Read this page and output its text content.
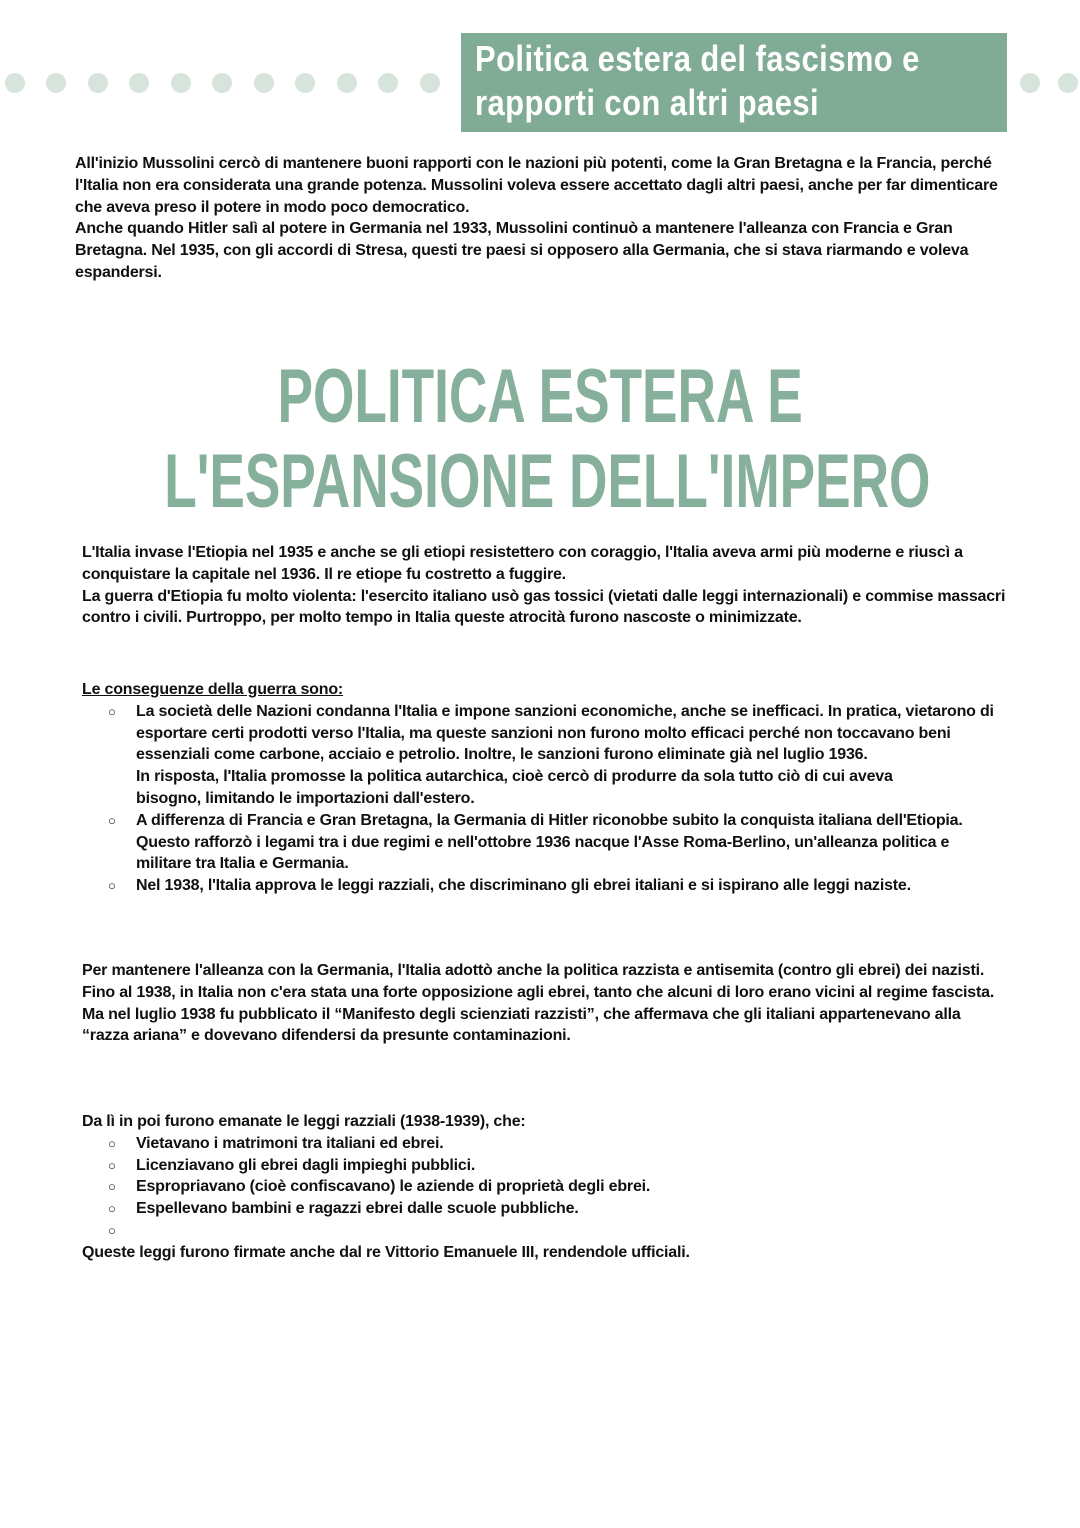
Politica estera del fascismo e
rapporti con altri paesi

All'inizio Mussolini cercò di mantenere buoni rapporti con le nazioni più potenti, come la Gran Bretagna e la Francia, perché l'Italia non era considerata una grande potenza. Mussolini voleva essere accettato dagli altri paesi, anche per far dimenticare che aveva preso il potere in modo poco democratico.

Anche quando Hitler salì al potere in Germania nel 1933, Mussolini continuò a mantenere l'alleanza con Francia e Gran Bretagna. Nel 1935, con gli accordi di Stresa, questi tre paesi si opposero alla Germania, che si stava riarmando e voleva espandersi.

POLITICA ESTERA E
L'ESPANSIONE DELL'IMPERO

L'Italia invase l'Etiopia nel 1935 e anche se gli etiopi resistettero con coraggio, l'Italia aveva armi più moderne e riuscì a conquistare la capitale nel 1936. Il re etiope fu costretto a fuggire.

La guerra d'Etiopia fu molto violenta: l'esercito italiano usò gas tossici (vietati dalle leggi internazionali) e commise massacri contro i civili. Purtroppo, per molto tempo in Italia queste atrocità furono nascoste o minimizzate.

Le conseguenze della guerra sono:

○ La società delle Nazioni condanna l'Italia e impone sanzioni economiche, anche se inefficaci. In pratica, vietarono di esportare certi prodotti verso l'Italia, ma queste sanzioni non furono molto efficaci perché non toccavano beni essenziali come carbone, acciaio e petrolio. Inoltre, le sanzioni furono eliminate già nel luglio 1936.
In risposta, l'Italia promosse la politica autarchica, cioè cercò di produrre da sola tutto ciò di cui aveva bisogno, limitando le importazioni dall'estero.
○ A differenza di Francia e Gran Bretagna, la Germania di Hitler riconobbe subito la conquista italiana dell'Etiopia. Questo rafforzò i legami tra i due regimi e nell'ottobre 1936 nacque l'Asse Roma-Berlino, un'alleanza politica e militare tra Italia e Germania.
○ Nel 1938, l'Italia approva le leggi razziali, che discriminano gli ebrei italiani e si ispirano alle leggi naziste.

Per mantenere l'alleanza con la Germania, l'Italia adottò anche la politica razzista e antisemita (contro gli ebrei) dei nazisti.

Fino al 1938, in Italia non c'era stata una forte opposizione agli ebrei, tanto che alcuni di loro erano vicini al regime fascista. Ma nel luglio 1938 fu pubblicato il “Manifesto degli scienziati razzisti”, che affermava che gli italiani appartenevano alla “razza ariana” e dovevano difendersi da presunte contaminazioni.

Da lì in poi furono emanate le leggi razziali (1938-1939), che:

○ Vietavano i matrimoni tra italiani ed ebrei.
○ Licenziavano gli ebrei dagli impieghi pubblici.
○ Espropriavano (cioè confiscavano) le aziende di proprietà degli ebrei.
○ Espellevano bambini e ragazzi ebrei dalle scuole pubbliche.
○

Queste leggi furono firmate anche dal re Vittorio Emanuele III, rendendole ufficiali.
